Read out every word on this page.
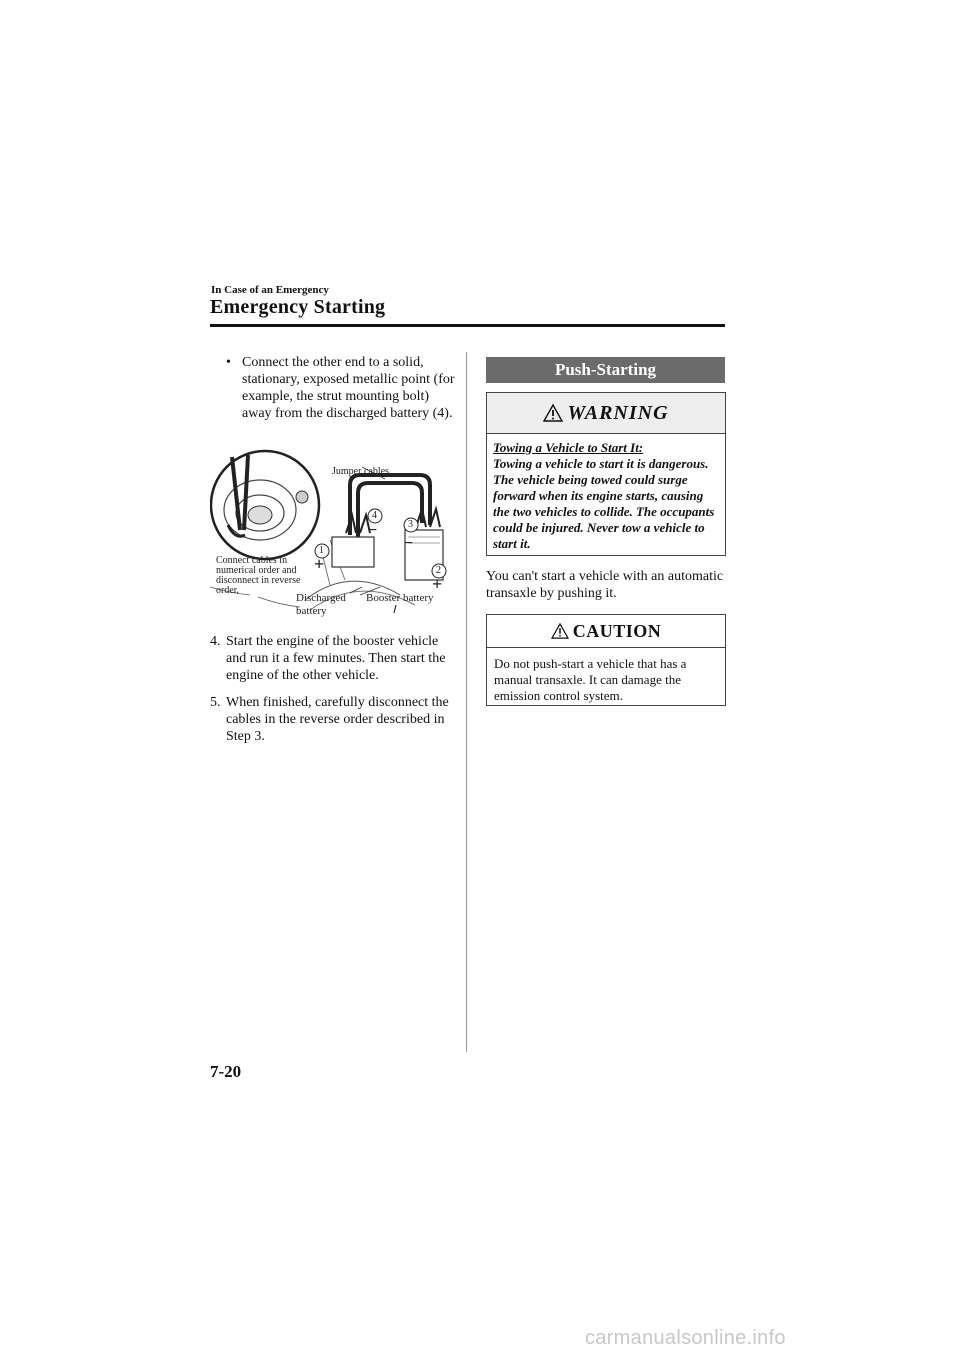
In Case of an Emergency
Emergency Starting
• Connect the other end to a solid, stationary, exposed metallic point (for example, the strut mounting bolt) away from the discharged battery (4).
Jumper cables
Connect cables in
numerical order and
disconnect in reverse
order.
Discharged
battery
Booster battery
1
2
3
4
+
+
−
−
4. Start the engine of the booster vehicle and run it a few minutes. Then start the engine of the other vehicle.
5. When finished, carefully disconnect the cables in the reverse order described in Step 3.
Push-Starting
WARNING
Towing a Vehicle to Start It:
Towing a vehicle to start it is dangerous. The vehicle being towed could surge forward when its engine starts, causing the two vehicles to collide. The occupants could be injured. Never tow a vehicle to start it.
You can't start a vehicle with an automatic transaxle by pushing it.
CAUTION
Do not push-start a vehicle that has a manual transaxle. It can damage the emission control system.
7-20
carmanualsonline.info
